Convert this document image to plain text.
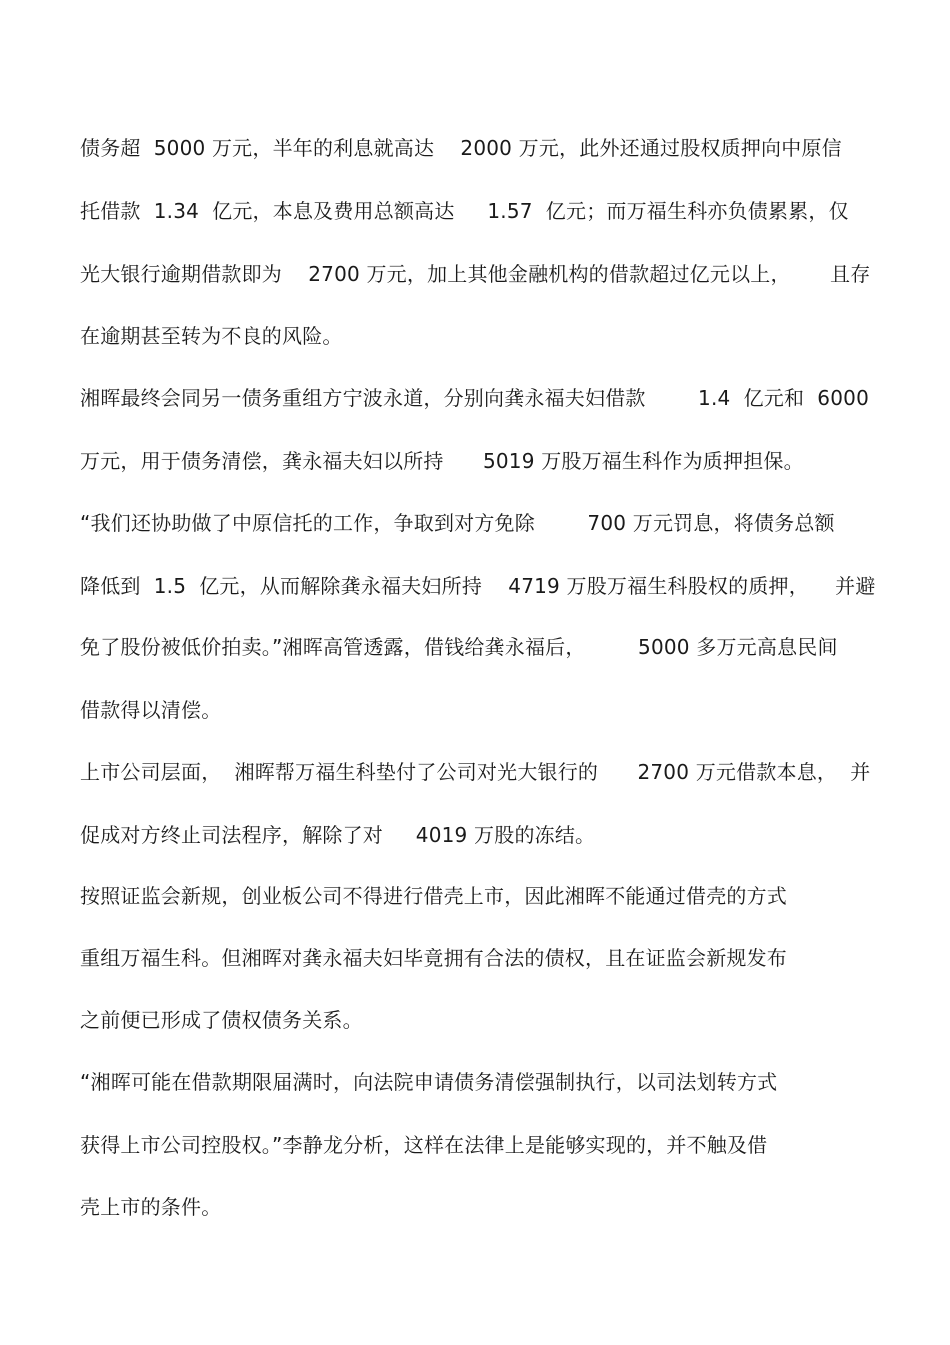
债务超  5000 万元，半年的利息就高达    2000 万元，此外还通过股权质押向中原信

托借款  1.34  亿元，本息及费用总额高达     1.57  亿元；而万福生科亦负债累累，仅

光大银行逾期借款即为    2700 万元，加上其他金融机构的借款超过亿元以上，      且存

在逾期甚至转为不良的风险。

湘晖最终会同另一债务重组方宁波永道，分别向龚永福夫妇借款        1.4  亿元和  6000

万元，用于债务清偿，龚永福夫妇以所持      5019 万股万福生科作为质押担保。

“我们还协助做了中原信托的工作，争取到对方免除        700 万元罚息，将债务总额

降低到  1.5  亿元，从而解除龚永福夫妇所持    4719 万股万福生科股权的质押，    并避

免了股份被低价拍卖。”湘晖高管透露，借钱给龚永福后，        5000 多万元高息民间

借款得以清偿。

上市公司层面，  湘晖帮万福生科垫付了公司对光大银行的      2700 万元借款本息，  并

促成对方终止司法程序，解除了对     4019 万股的冻结。

按照证监会新规，创业板公司不得进行借壳上市，因此湘晖不能通过借壳的方式

重组万福生科。但湘晖对龚永福夫妇毕竟拥有合法的债权，且在证监会新规发布

之前便已形成了债权债务关系。

“湘晖可能在借款期限届满时，向法院申请债务清偿强制执行，以司法划转方式

获得上市公司控股权。”李静龙分析，这样在法律上是能够实现的，并不触及借

壳上市的条件。
